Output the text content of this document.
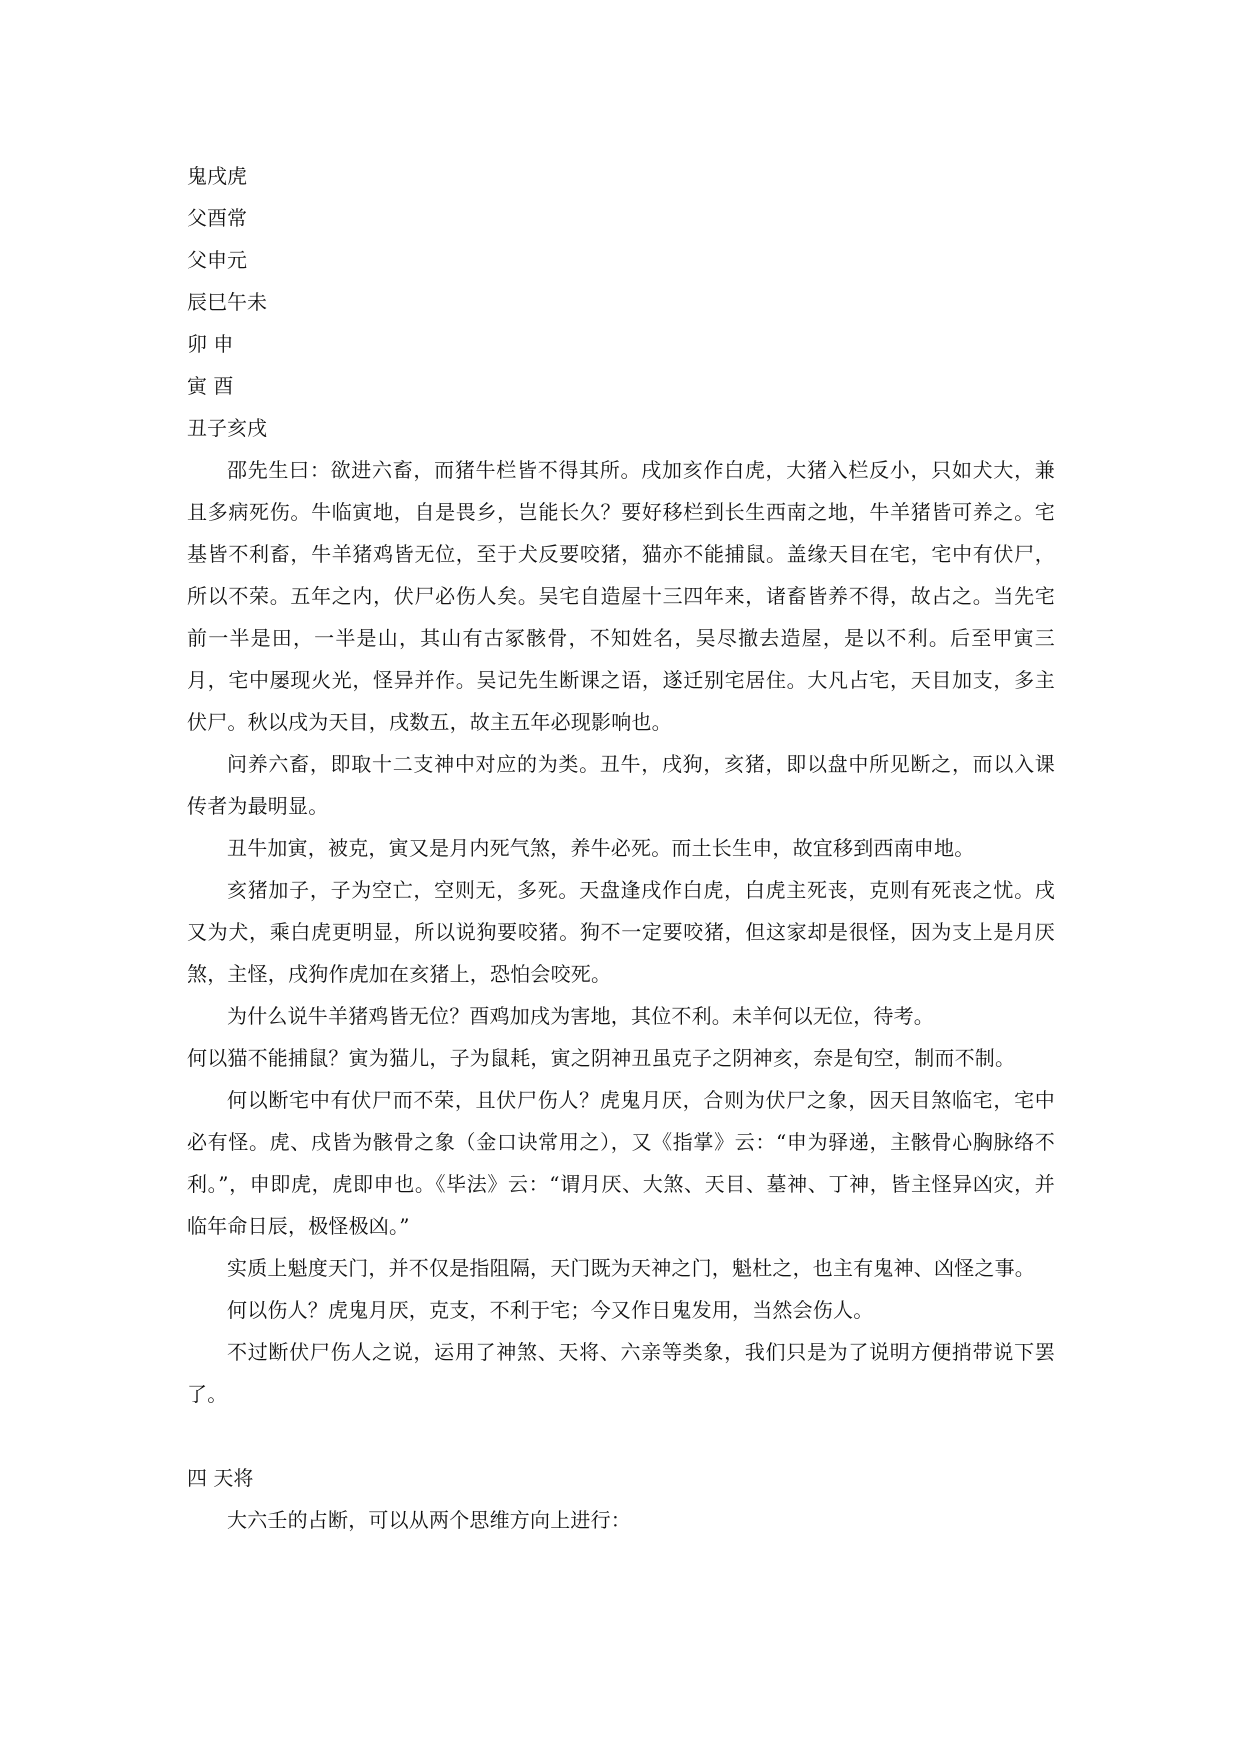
鬼戌虎

父酉常

父申元

辰巳午未

卯 申

寅 酉

丑子亥戌

邵先生曰：欲进六畜，而猪牛栏皆不得其所。戌加亥作白虎，大猪入栏反小，只如犬大，兼且多病死伤。牛临寅地，自是畏乡，岂能长久？要好移栏到长生西南之地，牛羊猪皆可养之。宅基皆不利畜，牛羊猪鸡皆无位，至于犬反要咬猪，猫亦不能捕鼠。盖缘天目在宅，宅中有伏尸，所以不荣。五年之内，伏尸必伤人矣。吴宅自造屋十三四年来，诸畜皆养不得，故占之。当先宅前一半是田，一半是山，其山有古冢骸骨，不知姓名，吴尽撤去造屋，是以不利。后至甲寅三月，宅中屡现火光，怪异并作。吴记先生断课之语，遂迁别宅居住。大凡占宅，天目加支，多主伏尸。秋以戌为天目，戌数五，故主五年必现影响也。

问养六畜，即取十二支神中对应的为类。丑牛，戌狗，亥猪，即以盘中所见断之，而以入课传者为最明显。

丑牛加寅，被克，寅又是月内死气煞，养牛必死。而土长生申，故宜移到西南申地。

亥猪加子，子为空亡，空则无，多死。天盘逢戌作白虎，白虎主死丧，克则有死丧之忧。戌又为犬，乘白虎更明显，所以说狗要咬猪。狗不一定要咬猪，但这家却是很怪，因为支上是月厌煞，主怪，戌狗作虎加在亥猪上，恐怕会咬死。

为什么说牛羊猪鸡皆无位？酉鸡加戌为害地，其位不利。未羊何以无位，待考。

何以猫不能捕鼠？寅为猫儿，子为鼠耗，寅之阴神丑虽克子之阴神亥，奈是旬空，制而不制。

何以断宅中有伏尸而不荣，且伏尸伤人？虎鬼月厌，合则为伏尸之象，因天目煞临宅，宅中必有怪。虎、戌皆为骸骨之象（金口诀常用之），又《指掌》云：“申为驿递，主骸骨心胸脉络不利。”，申即虎，虎即申也。《毕法》云：“谓月厌、大煞、天目、墓神、丁神，皆主怪异凶灾，并临年命日辰，极怪极凶。”

实质上魁度天门，并不仅是指阻隔，天门既为天神之门，魁杜之，也主有鬼神、凶怪之事。

何以伤人？虎鬼月厌，克支，不利于宅；今又作日鬼发用，当然会伤人。

不过断伏尸伤人之说，运用了神煞、天将、六亲等类象，我们只是为了说明方便捎带说下罢了。

四 天将

大六壬的占断，可以从两个思维方向上进行：
